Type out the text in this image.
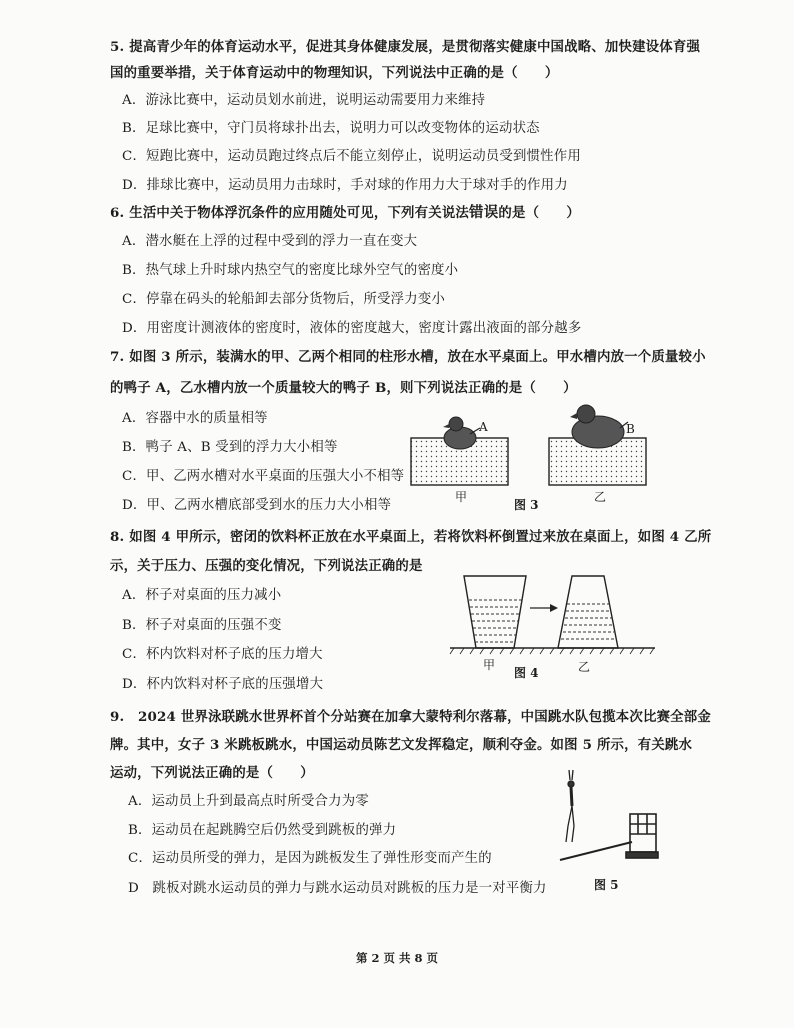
5. 提高青少年的体育运动水平，促进其身体健康发展，是贯彻落实健康中国战略、加快建设体育强
国的重要举措，关于体育运动中的物理知识，下列说法中正确的是（　　）
A．游泳比赛中，运动员划水前进，说明运动需要用力来维持
B．足球比赛中，守门员将球扑出去，说明力可以改变物体的运动状态
C．短跑比赛中，运动员跑过终点后不能立刻停止，说明运动员受到惯性作用
D．排球比赛中，运动员用力击球时，手对球的作用力大于球对手的作用力
6. 生活中关于物体浮沉条件的应用随处可见，下列有关说法错误的是（　　）
A．潜水艇在上浮的过程中受到的浮力一直在变大
B．热气球上升时球内热空气的密度比球外空气的密度小
C．停靠在码头的轮船卸去部分货物后，所受浮力变小
D．用密度计测液体的密度时，液体的密度越大，密度计露出液面的部分越多
7. 如图 3 所示，装满水的甲、乙两个相同的柱形水槽，放在水平桌面上。甲水槽内放一个质量较小
的鸭子 A，乙水槽内放一个质量较大的鸭子 B，则下列说法正确的是（　　）
A．容器中水的质量相等
B．鸭子 A、B 受到的浮力大小相等
C．甲、乙两水槽对水平桌面的压强大小不相等
D．甲、乙两水槽底部受到水的压力大小相等
A	B
甲	乙
图 3
8. 如图 4 甲所示，密闭的饮料杯正放在水平桌面上，若将饮料杯倒置过来放在桌面上，如图 4 乙所
示，关于压力、压强的变化情况，下列说法正确的是
A．杯子对桌面的压力减小
B．杯子对桌面的压强不变
C．杯内饮料对杯子底的压力增大
D．杯内饮料对杯子底的压强增大
甲	乙
图 4
9.　2024 世界泳联跳水世界杯首个分站赛在加拿大蒙特利尔落幕，中国跳水队包揽本次比赛全部金
牌。其中，女子 3 米跳板跳水，中国运动员陈艺文发挥稳定，顺利夺金。如图 5 所示，有关跳水
运动，下列说法正确的是（　　）
A．运动员上升到最高点时所受合力为零
B．运动员在起跳腾空后仍然受到跳板的弹力
C．运动员所受的弹力，是因为跳板发生了弹性形变而产生的
D　跳板对跳水运动员的弹力与跳水运动员对跳板的压力是一对平衡力	图 5
第 2 页 共 8 页
